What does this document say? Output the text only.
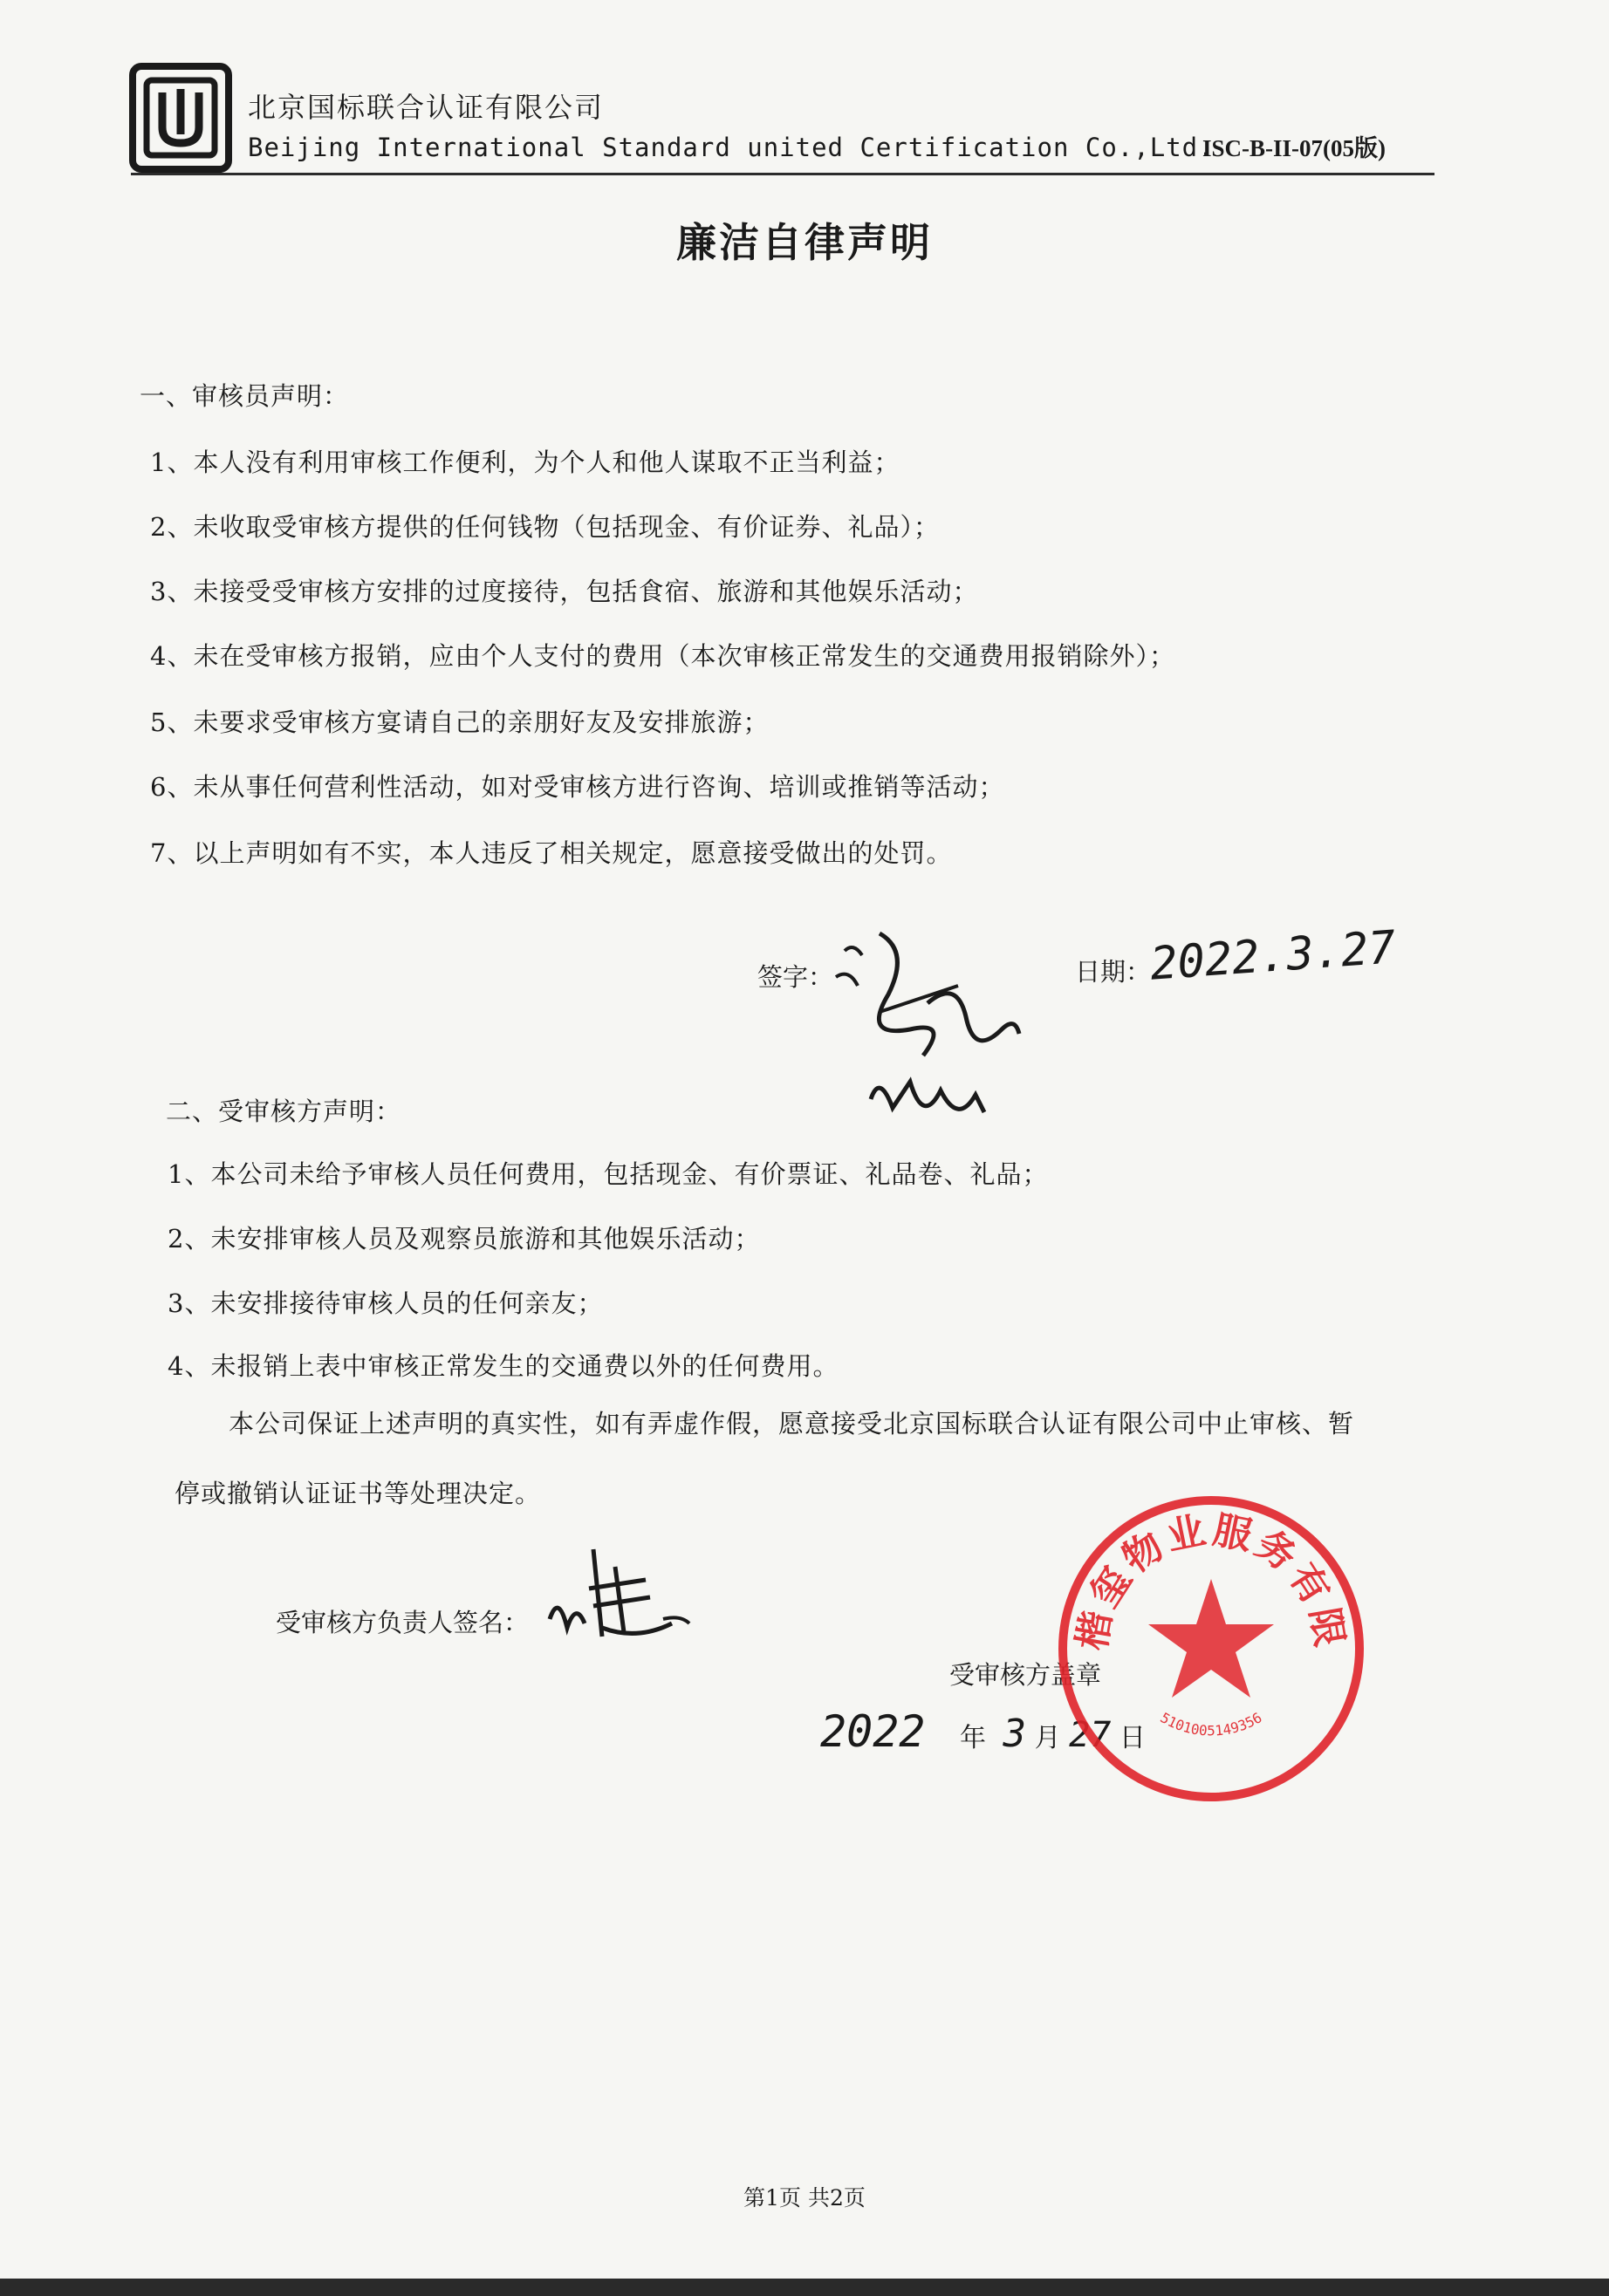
北京国标联合认证有限公司
Beijing International Standard united Certification Co.,Ltd.
ISC-B-II-07(05版)
廉洁自律声明
一、审核员声明：
1、本人没有利用审核工作便利，为个人和他人谋取不正当利益；
2、未收取受审核方提供的任何钱物（包括现金、有价证券、礼品）；
3、未接受受审核方安排的过度接待，包括食宿、旅游和其他娱乐活动；
4、未在受审核方报销，应由个人支付的费用（本次审核正常发生的交通费用报销除外）；
5、未要求受审核方宴请自己的亲朋好友及安排旅游；
6、未从事任何营利性活动，如对受审核方进行咨询、培训或推销等活动；
7、以上声明如有不实，本人违反了相关规定，愿意接受做出的处罚。
签字：	日期：
2022.3.27
二、受审核方声明：
1、本公司未给予审核人员任何费用，包括现金、有价票证、礼品卷、礼品；
2、未安排审核人员及观察员旅游和其他娱乐活动；
3、未安排接待审核人员的任何亲友；
4、未报销上表中审核正常发生的交通费以外的任何费用。
本公司保证上述声明的真实性，如有弄虚作假，愿意接受北京国标联合认证有限公司中止审核、暂
停或撤销认证证书等处理决定。
受审核方负责人签名：
受审核方盖章
2022 年 3 月 27 日
楷玺物业服务有限
5101005149356
第1页 共2页
